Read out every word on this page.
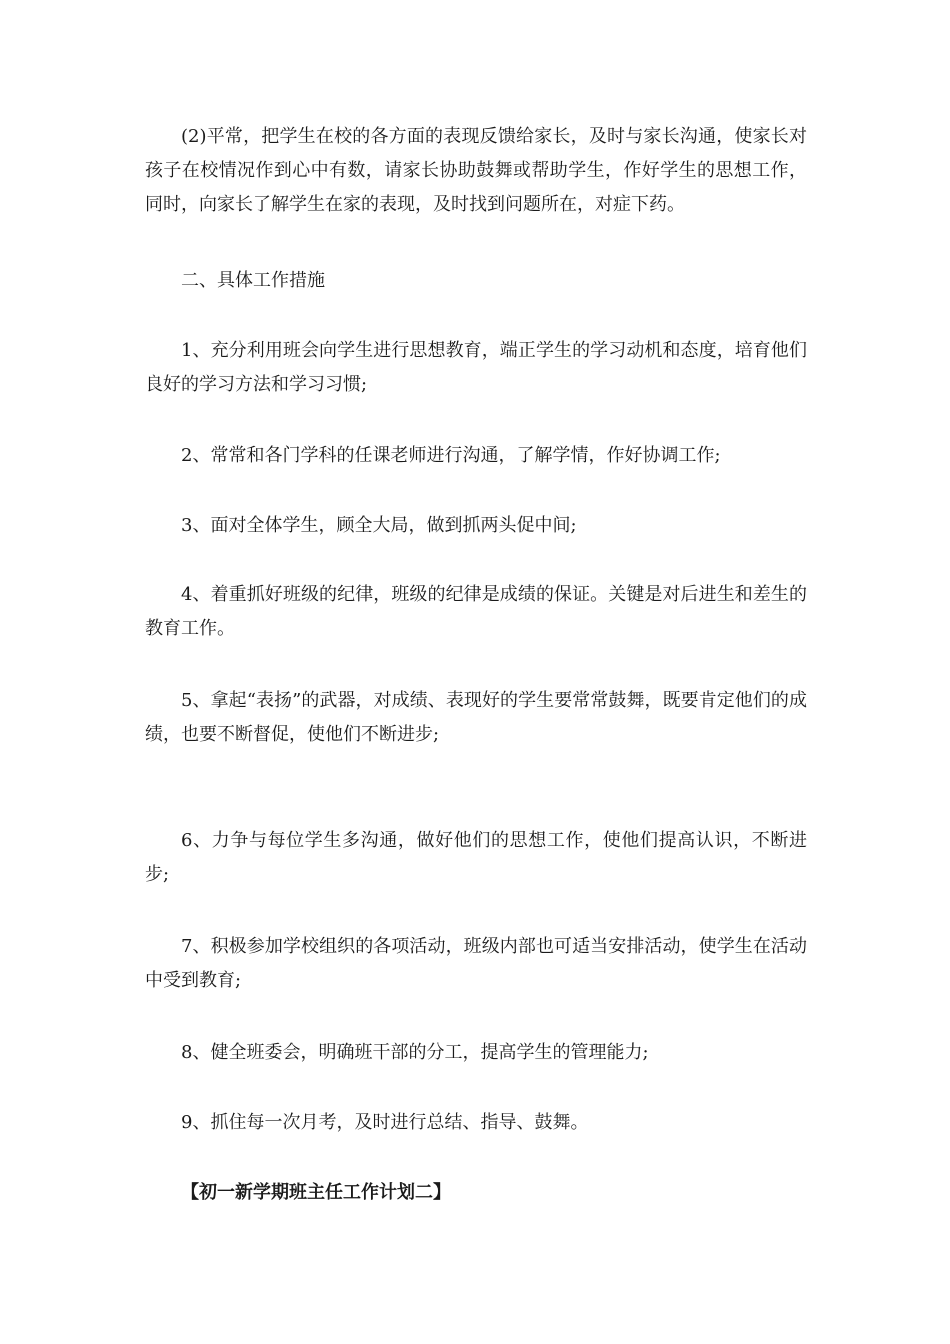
(2)平常，把学生在校的各方面的表现反馈给家长，及时与家长沟通，使家长对孩子在校情况作到心中有数，请家长协助鼓舞或帮助学生，作好学生的思想工作，同时，向家长了解学生在家的表现，及时找到问题所在，对症下药。

二、具体工作措施

1、充分利用班会向学生进行思想教育，端正学生的学习动机和态度，培育他们良好的学习方法和学习习惯;

2、常常和各门学科的任课老师进行沟通，了解学情，作好协调工作;

3、面对全体学生，顾全大局，做到抓两头促中间;

4、着重抓好班级的纪律，班级的纪律是成绩的保证。关键是对后进生和差生的教育工作。

5、拿起“表扬”的武器，对成绩、表现好的学生要常常鼓舞，既要肯定他们的成绩，也要不断督促，使他们不断进步;

6、力争与每位学生多沟通，做好他们的思想工作，使他们提高认识，不断进步;

7、积极参加学校组织的各项活动，班级内部也可适当安排活动，使学生在活动中受到教育;

8、健全班委会，明确班干部的分工，提高学生的管理能力;

9、抓住每一次月考，及时进行总结、指导、鼓舞。

【初一新学期班主任工作计划二】
